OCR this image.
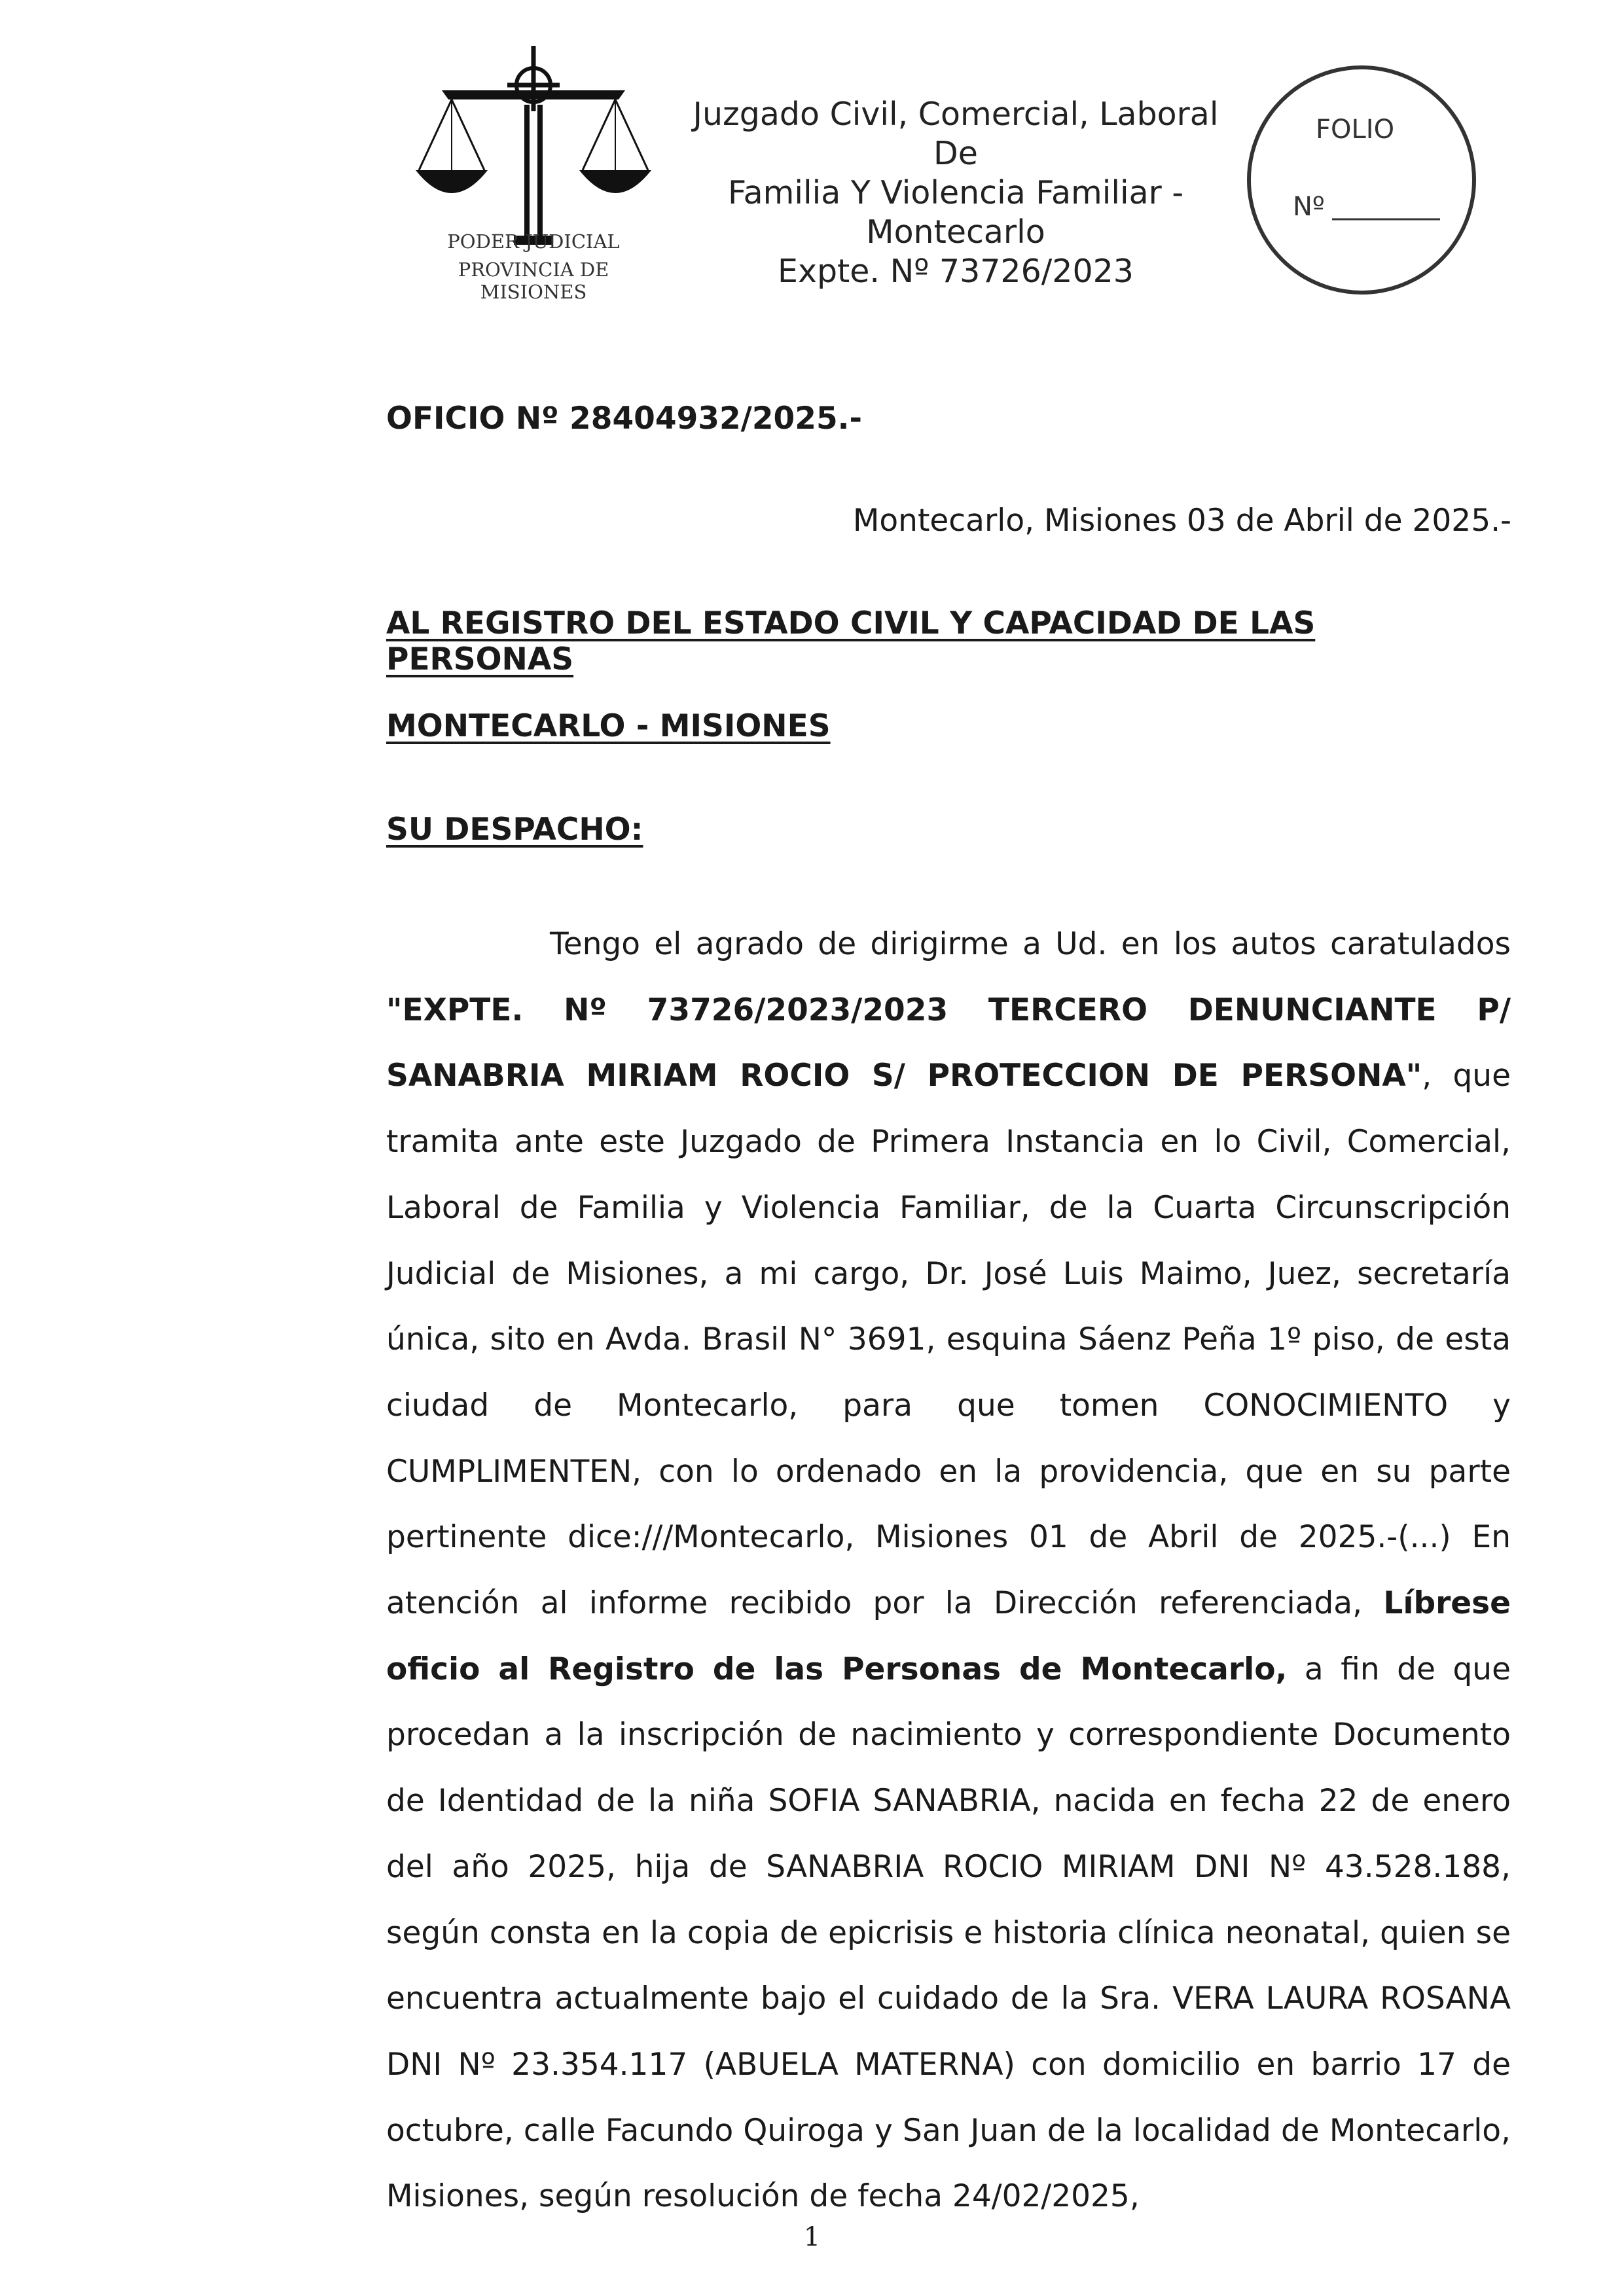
PODER JUDICIAL
PROVINCIA DE MISIONES
Juzgado Civil, Comercial, Laboral De
Familia Y Violencia Familiar -
Montecarlo
Expte. Nº 73726/2023
FOLIO
Nº
OFICIO Nº 28404932/2025.-
Montecarlo, Misiones 03 de Abril de 2025.-
AL REGISTRO DEL ESTADO CIVIL Y CAPACIDAD DE LAS PERSONAS
MONTECARLO - MISIONES
SU DESPACHO:
Tengo el agrado de dirigirme a Ud. en los autos caratulados "EXPTE. Nº 73726/2023/2023 TERCERO DENUNCIANTE P/ SANABRIA MIRIAM ROCIO S/ PROTECCION DE PERSONA", que tramita ante este Juzgado de Primera Instancia en lo Civil, Comercial, Laboral de Familia y Violencia Familiar, de la Cuarta Circunscripción Judicial de Misiones, a mi cargo, Dr. José Luis Maimo, Juez, secretaría única, sito en Avda. Brasil N° 3691, esquina Sáenz Peña 1º piso, de esta ciudad de Montecarlo, para que tomen CONOCIMIENTO y CUMPLIMENTEN, con lo ordenado en la providencia, que en su parte pertinente dice:///Montecarlo, Misiones 01 de Abril de 2025.-(...) En atención al informe recibido por la Dirección referenciada, Líbrese oficio al Registro de las Personas de Montecarlo, a fin de que procedan a la inscripción de nacimiento y correspondiente Documento de Identidad de la niña SOFIA SANABRIA, nacida en fecha 22 de enero del año 2025, hija de SANABRIA ROCIO MIRIAM DNI Nº 43.528.188, según consta en la copia de epicrisis e historia clínica neonatal, quien se encuentra actualmente bajo el cuidado de la Sra. VERA LAURA ROSANA DNI Nº 23.354.117 (ABUELA MATERNA) con domicilio en barrio 17 de octubre, calle Facundo Quiroga y San Juan de la localidad de Montecarlo, Misiones, según resolución de fecha 24/02/2025,
1
